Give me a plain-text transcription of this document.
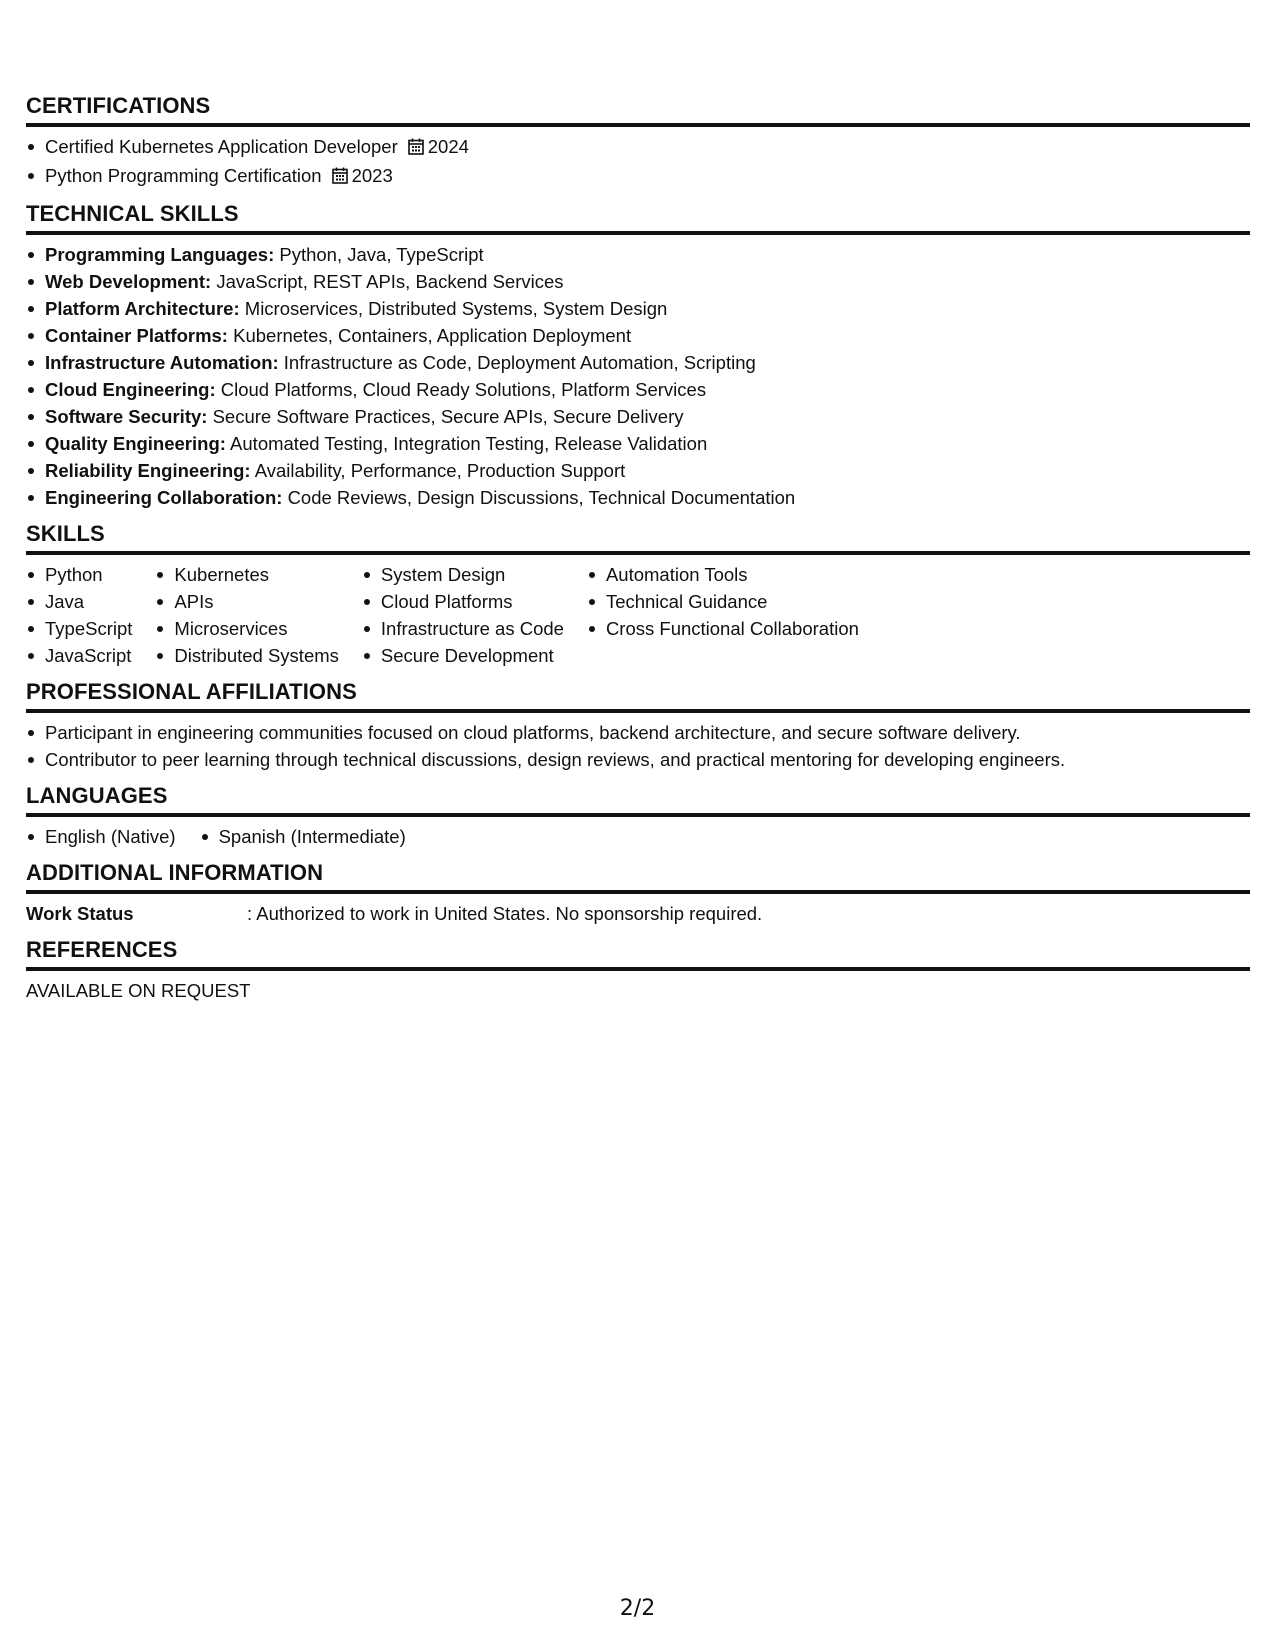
CERTIFICATIONS
Certified Kubernetes Application Developer 2024
Python Programming Certification 2023
TECHNICAL SKILLS
Programming Languages: Python, Java, TypeScript
Web Development: JavaScript, REST APIs, Backend Services
Platform Architecture: Microservices, Distributed Systems, System Design
Container Platforms: Kubernetes, Containers, Application Deployment
Infrastructure Automation: Infrastructure as Code, Deployment Automation, Scripting
Cloud Engineering: Cloud Platforms, Cloud Ready Solutions, Platform Services
Software Security: Secure Software Practices, Secure APIs, Secure Delivery
Quality Engineering: Automated Testing, Integration Testing, Release Validation
Reliability Engineering: Availability, Performance, Production Support
Engineering Collaboration: Code Reviews, Design Discussions, Technical Documentation
SKILLS
Python
Java
TypeScript
JavaScript
Kubernetes
APIs
Microservices
Distributed Systems
System Design
Cloud Platforms
Infrastructure as Code
Secure Development
Automation Tools
Technical Guidance
Cross Functional Collaboration
PROFESSIONAL AFFILIATIONS
Participant in engineering communities focused on cloud platforms, backend architecture, and secure software delivery.
Contributor to peer learning through technical discussions, design reviews, and practical mentoring for developing engineers.
LANGUAGES
English (Native)	Spanish (Intermediate)
ADDITIONAL INFORMATION
Work Status	: Authorized to work in United States. No sponsorship required.
REFERENCES
AVAILABLE ON REQUEST
2/2
